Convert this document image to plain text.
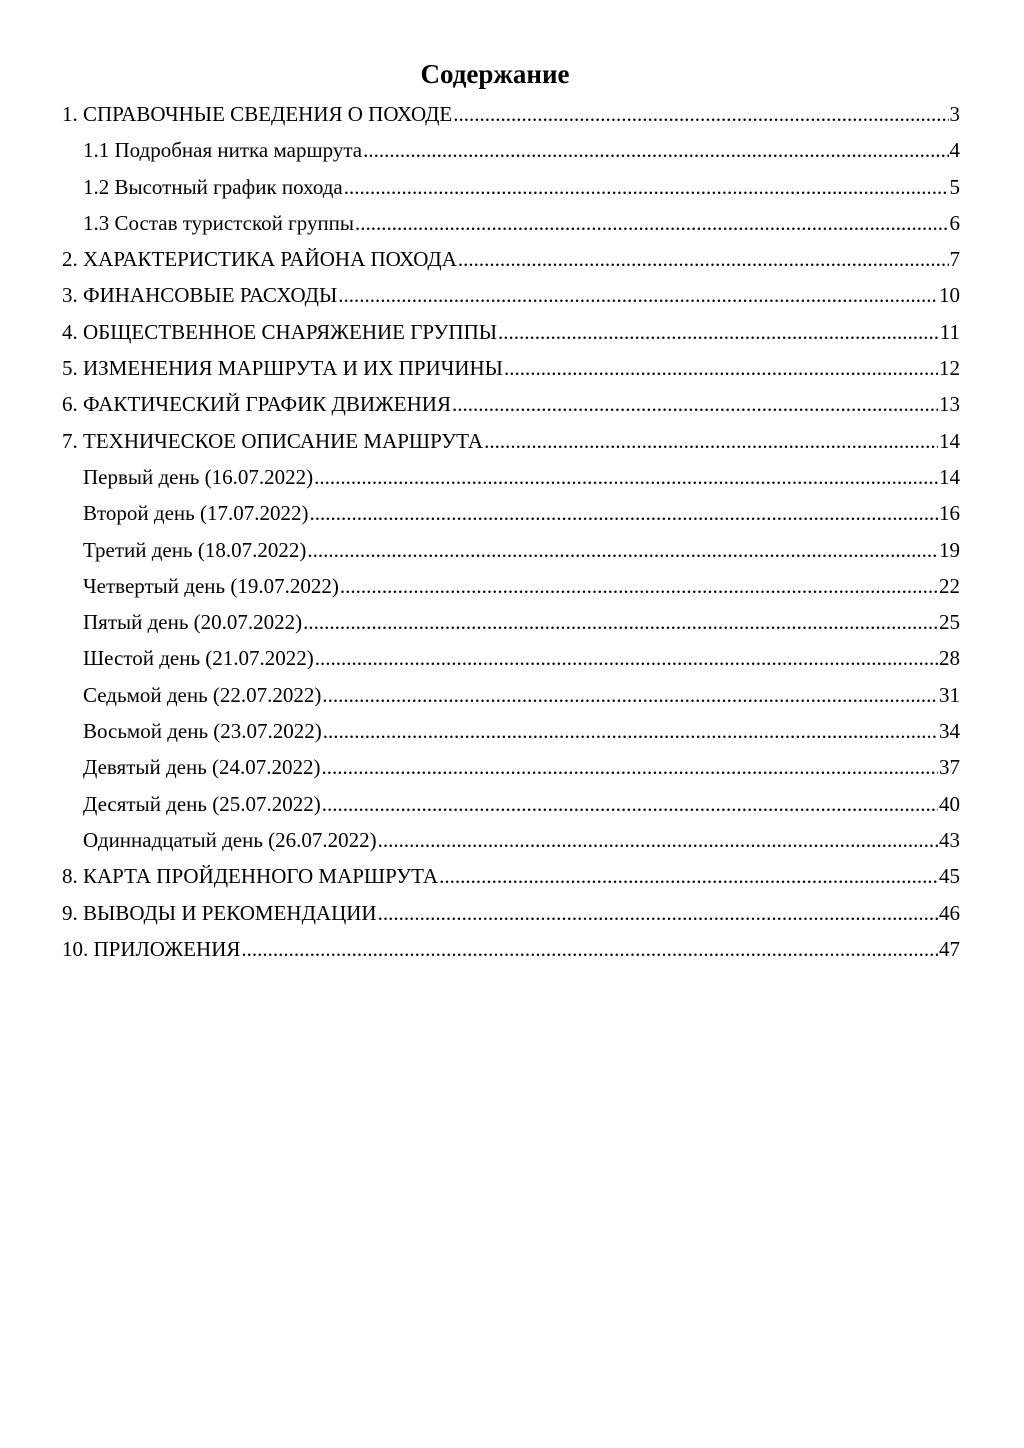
Содержание
1. СПРАВОЧНЫЕ СВЕДЕНИЯ О ПОХОДЕ .....	3
1.1 Подробная нитка маршрута .....	4
1.2 Высотный график похода .....	5
1.3 Состав туристской группы .....	6
2. ХАРАКТЕРИСТИКА РАЙОНА ПОХОДА .....	7
3. ФИНАНСОВЫЕ РАСХОДЫ .....	10
4. ОБЩЕСТВЕННОЕ СНАРЯЖЕНИЕ ГРУППЫ .....	11
5. ИЗМЕНЕНИЯ МАРШРУТА И ИХ ПРИЧИНЫ .....	12
6. ФАКТИЧЕСКИЙ ГРАФИК ДВИЖЕНИЯ .....	13
7. ТЕХНИЧЕСКОЕ ОПИСАНИЕ МАРШРУТА .....	14
Первый день (16.07.2022) .....	14
Второй день (17.07.2022) .....	16
Третий день (18.07.2022) .....	19
Четвертый день (19.07.2022) .....	22
Пятый день (20.07.2022) .....	25
Шестой день (21.07.2022) .....	28
Седьмой день (22.07.2022) .....	31
Восьмой день (23.07.2022) .....	34
Девятый день (24.07.2022) .....	37
Десятый день (25.07.2022) .....	40
Одиннадцатый день (26.07.2022) .....	43
8. КАРТА ПРОЙДЕННОГО МАРШРУТА .....	45
9. ВЫВОДЫ И РЕКОМЕНДАЦИИ .....	46
10. ПРИЛОЖЕНИЯ .....	47
